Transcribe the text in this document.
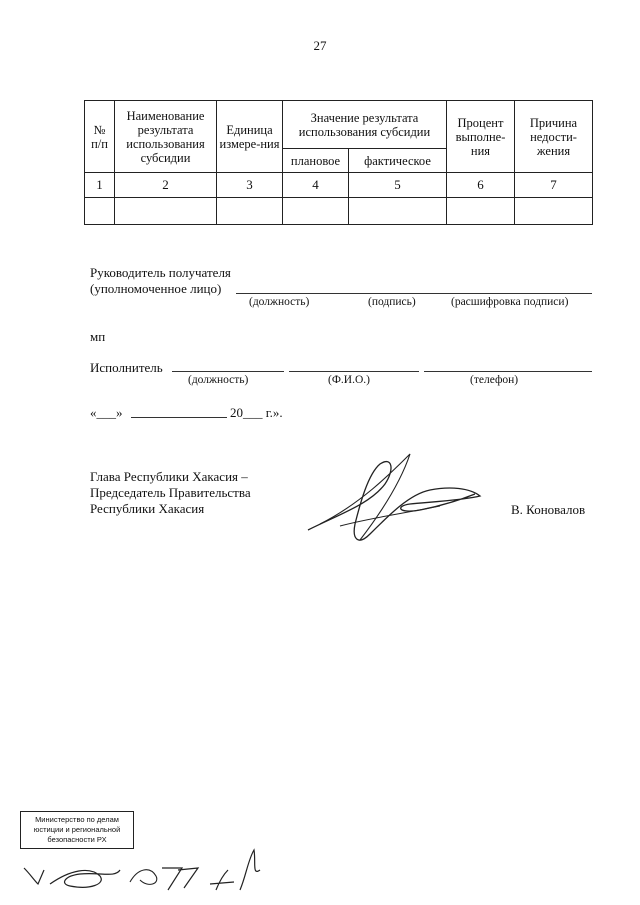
27
№ п/п	Наименование результата использования субсидии	Единица измере-ния	Значение результата использования субсидии		Процент выполне-ния	Причина недости-жения
			плановое	фактическое		
1	2	3	4	5	6	7

Руководитель получателя
(уполномоченное лицо)
(должность)	(подпись)	(расшифровка подписи)
мп
Исполнитель
(должность)	(Ф.И.О.)	(телефон)
«___»	20___ г.».
Глава Республики Хакасия –
Председатель Правительства
Республики Хакасия	В. Коновалов
Министерство по делам
юстиции и региональной
безопасности РХ
